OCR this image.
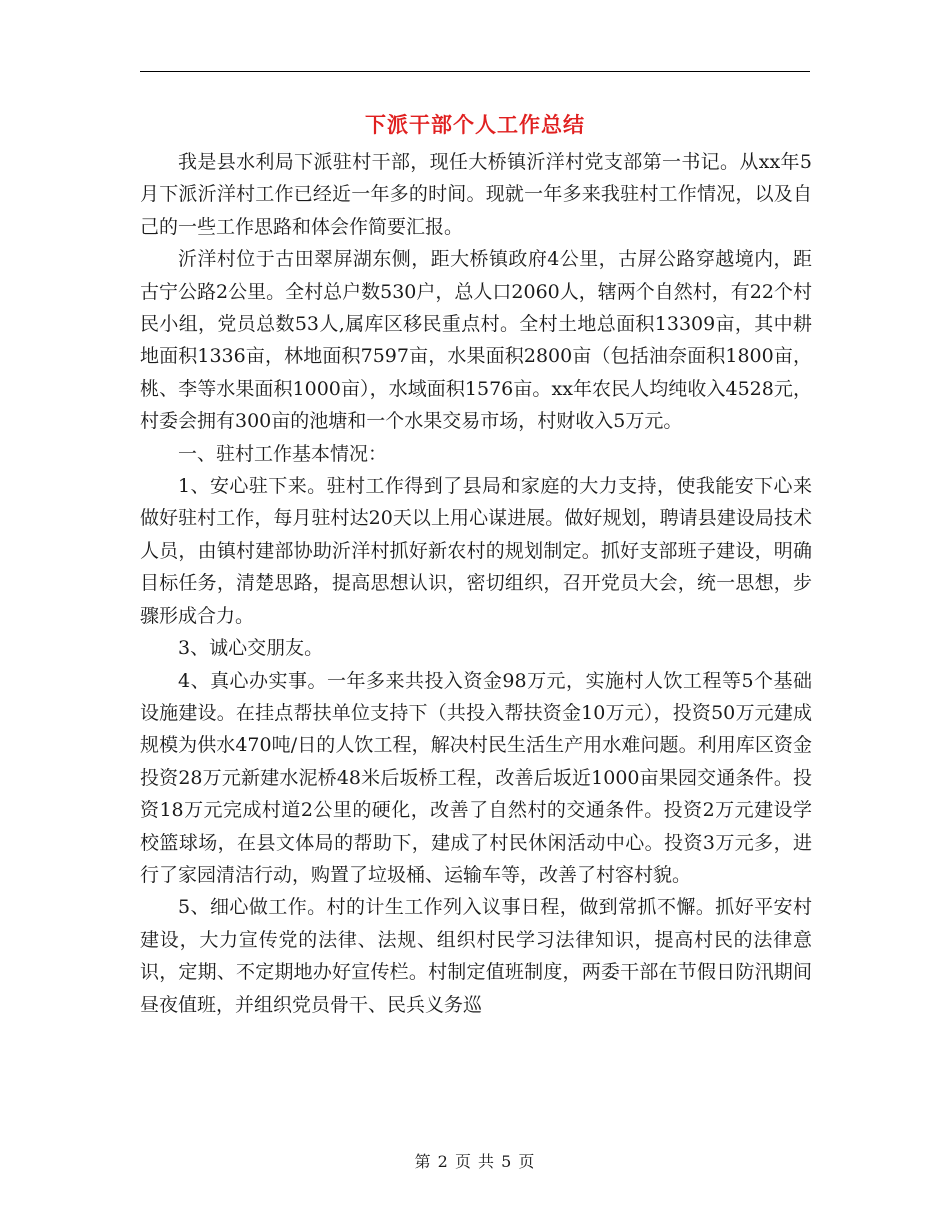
下派干部个人工作总结

我是县水利局下派驻村干部，现任大桥镇沂洋村党支部第一书记。从xx年5月下派沂洋村工作已经近一年多的时间。现就一年多来我驻村工作情况，以及自己的一些工作思路和体会作简要汇报。

沂洋村位于古田翠屏湖东侧，距大桥镇政府4公里，古屏公路穿越境内，距古宁公路2公里。全村总户数530户，总人口2060人，辖两个自然村，有22个村民小组，党员总数53人,属库区移民重点村。全村土地总面积13309亩，其中耕地面积1336亩，林地面积7597亩，水果面积2800亩（包括油奈面积1800亩，桃、李等水果面积1000亩），水域面积1576亩。xx年农民人均纯收入4528元，村委会拥有300亩的池塘和一个水果交易市场，村财收入5万元。

一、驻村工作基本情况：

1、安心驻下来。驻村工作得到了县局和家庭的大力支持，使我能安下心来做好驻村工作，每月驻村达20天以上用心谋进展。做好规划，聘请县建设局技术人员，由镇村建部协助沂洋村抓好新农村的规划制定。抓好支部班子建设，明确目标任务，清楚思路，提高思想认识，密切组织，召开党员大会，统一思想，步骤形成合力。

3、诚心交朋友。

4、真心办实事。一年多来共投入资金98万元，实施村人饮工程等5个基础设施建设。在挂点帮扶单位支持下（共投入帮扶资金10万元），投资50万元建成规模为供水470吨/日的人饮工程，解决村民生活生产用水难问题。利用库区资金投资28万元新建水泥桥48米后坂桥工程，改善后坂近1000亩果园交通条件。投资18万元完成村道2公里的硬化，改善了自然村的交通条件。投资2万元建设学校篮球场，在县文体局的帮助下，建成了村民休闲活动中心。投资3万元多，进行了家园清洁行动，购置了垃圾桶、运输车等，改善了村容村貌。

5、细心做工作。村的计生工作列入议事日程，做到常抓不懈。抓好平安村建设，大力宣传党的法律、法规、组织村民学习法律知识，提高村民的法律意识，定期、不定期地办好宣传栏。村制定值班制度，两委干部在节假日防汛期间昼夜值班，并组织党员骨干、民兵义务巡

第 2 页 共 5 页
